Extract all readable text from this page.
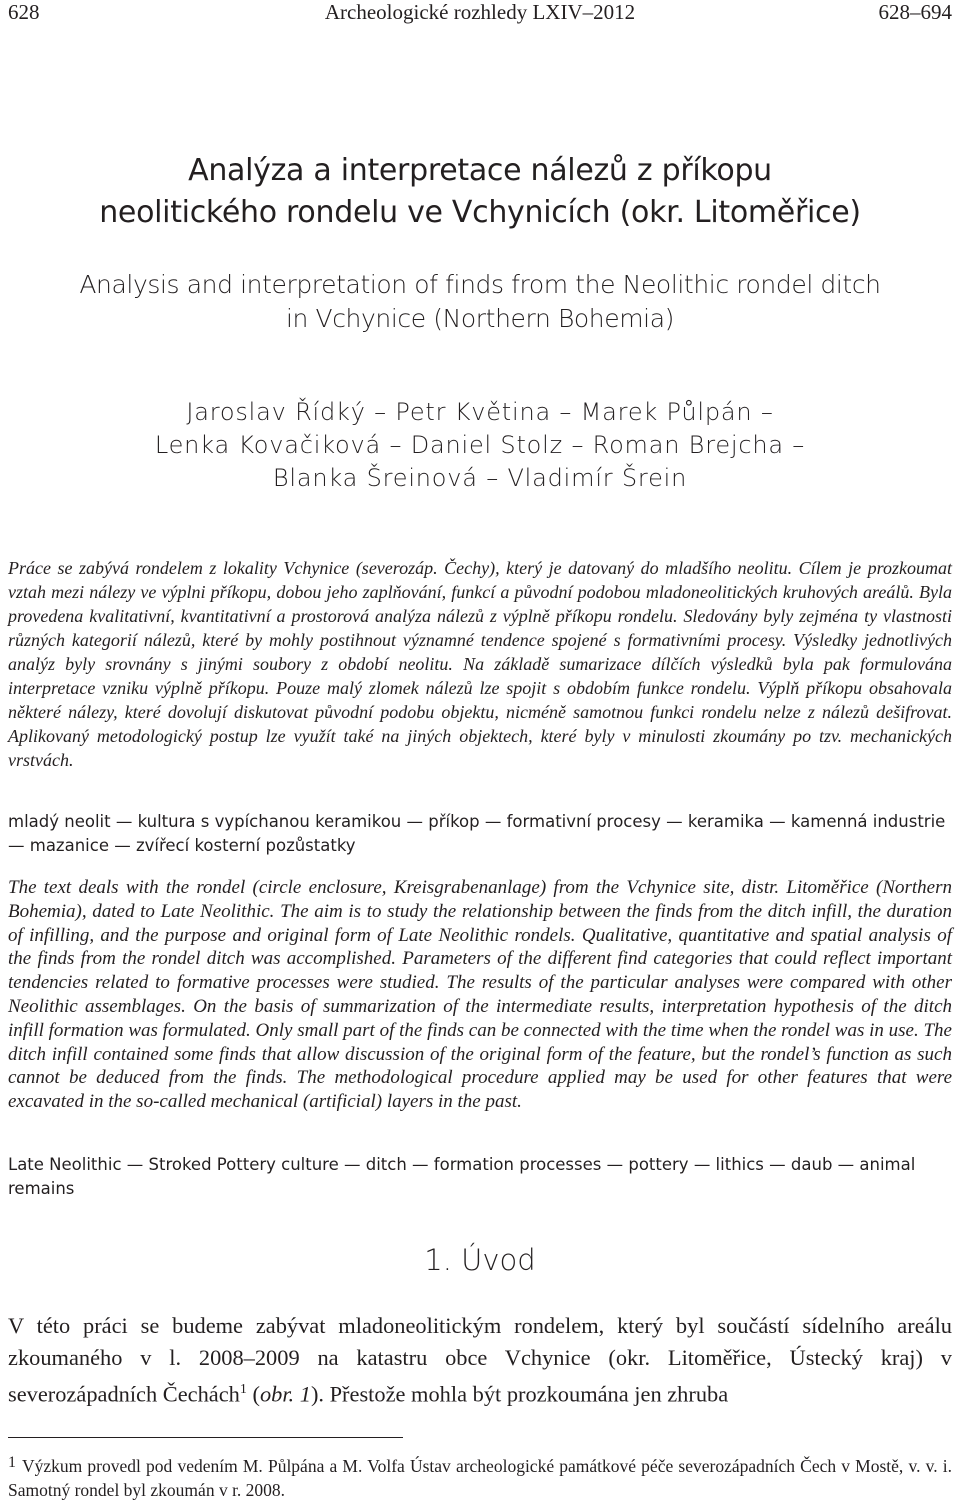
628	Archeologické rozhledy LXIV–2012	628–694
Analýza a interpretace nálezů z příkopu
neolitického rondelu ve Vchynicích (okr. Litoměřice)
Analysis and interpretation of finds from the Neolithic rondel ditch
in Vchynice (Northern Bohemia)
Jaroslav Řídký – Petr Květina – Marek Půlpán –
Lenka Kovačiková – Daniel Stolz – Roman Brejcha –
Blanka Šreinová – Vladimír Šrein
Práce se zabývá rondelem z lokality Vchynice (severozáp. Čechy), který je datovaný do mladšího neolitu. Cílem je prozkoumat vztah mezi nálezy ve výplni příkopu, dobou jeho zaplňování, funkcí a původní podobou mladoneolitických kruhových areálů. Byla provedena kvalitativní, kvantitativní a prostorová analýza nálezů z výplně příkopu rondelu. Sledovány byly zejména ty vlastnosti různých kategorií nálezů, které by mohly postihnout významné tendence spojené s formativními procesy. Výsledky jednotlivých analýz byly srovnány s jinými soubory z období neolitu. Na základě sumarizace dílčích výsledků byla pak formulována interpretace vzniku výplně příkopu. Pouze malý zlomek nálezů lze spojit s obdobím funkce rondelu. Výplň příkopu obsahovala některé nálezy, které dovolují diskutovat původní podobu objektu, nicméně samotnou funkci rondelu nelze z nálezů dešifrovat. Aplikovaný metodologický postup lze využít také na jiných objektech, které byly v minulosti zkoumány po tzv. mechanických vrstvách.
mladý neolit — kultura s vypíchanou keramikou — příkop — formativní procesy — keramika — kamenná industrie — mazanice — zvířecí kosterní pozůstatky
The text deals with the rondel (circle enclosure, Kreisgrabenanlage) from the Vchynice site, distr. Litoměřice (Northern Bohemia), dated to Late Neolithic. The aim is to study the relationship between the finds from the ditch infill, the duration of infilling, and the purpose and original form of Late Neolithic rondels. Qualitative, quantitative and spatial analysis of the finds from the rondel ditch was accomplished. Parameters of the different find categories that could reflect important tendencies related to formative processes were studied. The results of the particular analyses were compared with other Neolithic assemblages. On the basis of summarization of the intermediate results, interpretation hypothesis of the ditch infill formation was formulated. Only small part of the finds can be connected with the time when the rondel was in use. The ditch infill contained some finds that allow discussion of the original form of the feature, but the rondel’s function as such cannot be deduced from the finds. The methodological procedure applied may be used for other features that were excavated in the so-called mechanical (artificial) layers in the past.
Late Neolithic — Stroked Pottery culture — ditch — formation processes — pottery — lithics — daub — animal remains
1. Úvod
V této práci se budeme zabývat mladoneolitickým rondelem, který byl součástí sídelního areálu zkoumaného v l. 2008–2009 na katastru obce Vchynice (okr. Litoměřice, Ústecký kraj) v severozápadních Čechách$^1$ (obr. 1). Přestože mohla být prozkoumána jen zhruba
1 Výzkum provedl pod vedením M. Půlpána a M. Volfa Ústav archeologické památkové péče severozápadních Čech v Mostě, v. v. i. Samotný rondel byl zkoumán v r. 2008.
